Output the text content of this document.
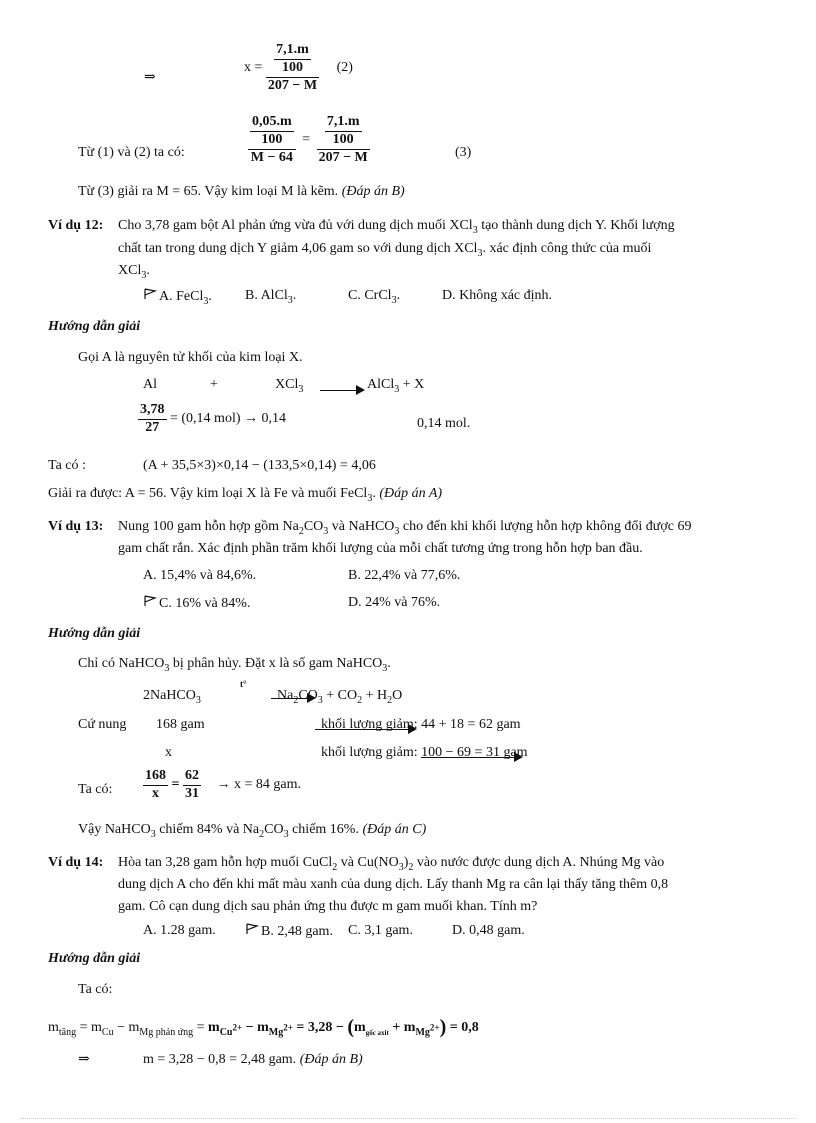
⇒
$x = \frac{\frac{7,1.m}{100}}{207 - M} (2)$
Từ (1) và (2) ta có:	$\frac{\frac{0,05.m}{100}}{M - 64} = \frac{\frac{7,1.m}{100}}{207 - M}$	(3)
Từ (3) giải ra M = 65. Vậy kim loại M là kẽm. (Đáp án B)
Ví dụ 12: Cho 3,78 gam bột Al phản ứng vừa đủ với dung dịch muối XCl$_3$ tạo thành dung dịch Y. Khối lượng
chất tan trong dung dịch Y giảm 4,06 gam so với dung dịch XCl$_3$. xác định công thức của muối
XCl$_3$.
A. FeCl$_3$. B. AlCl$_3$.	C. CrCl$_3$.	D. Không xác định.
Hướng dẫn giải
Gọi A là nguyên tử khối của kim loại X.
Al	+	XCl$_3$
	AlCl$_3$ + X
$\frac{3,78}{27} = (0,14$ mol) → 0,14	0,14 mol.
Ta có :	(A + 35,5×3)×0,14 − (133,5×0,14) = 4,06
Giải ra được: A = 56. Vậy kim loại X là Fe và muối FeCl$_3$. (Đáp án A)
Ví dụ 13: Nung 100 gam hỗn hợp gồm $Na_2CO_3$ và NaHCO$_3$ cho đến khi khối lượng hỗn hợp không đổi được 69
gam chất rắn. Xác định phần trăm khối lượng của mỗi chất tương ứng trong hỗn hợp ban đầu.
A. 15,4% và 84,6%.	B. 22,4% và 77,6%.
C. 16% và 84%.	D. 24% và 76%.
Hướng dẫn giải
Chỉ có NaHCO$_3$ bị phân hủy. Đặt x là số gam NaHCO$_3$.
2NaHCO$_3$
t°

$Na_2CO_3 + CO_2 + H_2O$
Cứ nung 168 gam
	khối lượng giảm: 44 + 18 = 62 gam
x	khối lượng giảm: 100 − 69 = 31 gam
Ta có: $\frac{168}{x} = \frac{62}{31} \to x = 84$ gam.
Vậy NaHCO$_3$ chiếm 84% và $Na_2CO_3$ chiếm 16%. (Đáp án C)
Ví dụ 14: Hòa tan 3,28 gam hỗn hợp muối CuCl$_2$ và $Cu(NO_3)_2$ vào nước được dung dịch A. Nhúng Mg vào
dung dịch A cho đến khi mất màu xanh của dung dịch. Lấy thanh Mg ra cân lại thấy tăng thêm 0,8
gam. Cô cạn dung dịch sau phản ứng thu được m gam muối khan. Tính m?
A. 1.28 gam.	B. 2,48 gam. C. 3,1 gam.	D. 0,48 gam.
Hướng dẫn giải
Ta có:
$m_{tăng} = m_{Cu} - m_{Mg phản ứng} = m_{Cu^{2+}} - m_{Mg^{2+}} = 3,28 - (m_{gốc axit} + m_{Mg^{2+}}) = 0,8$
⇒	m = 3,28 − 0,8 = 2,48 gam. (Đáp án B)
